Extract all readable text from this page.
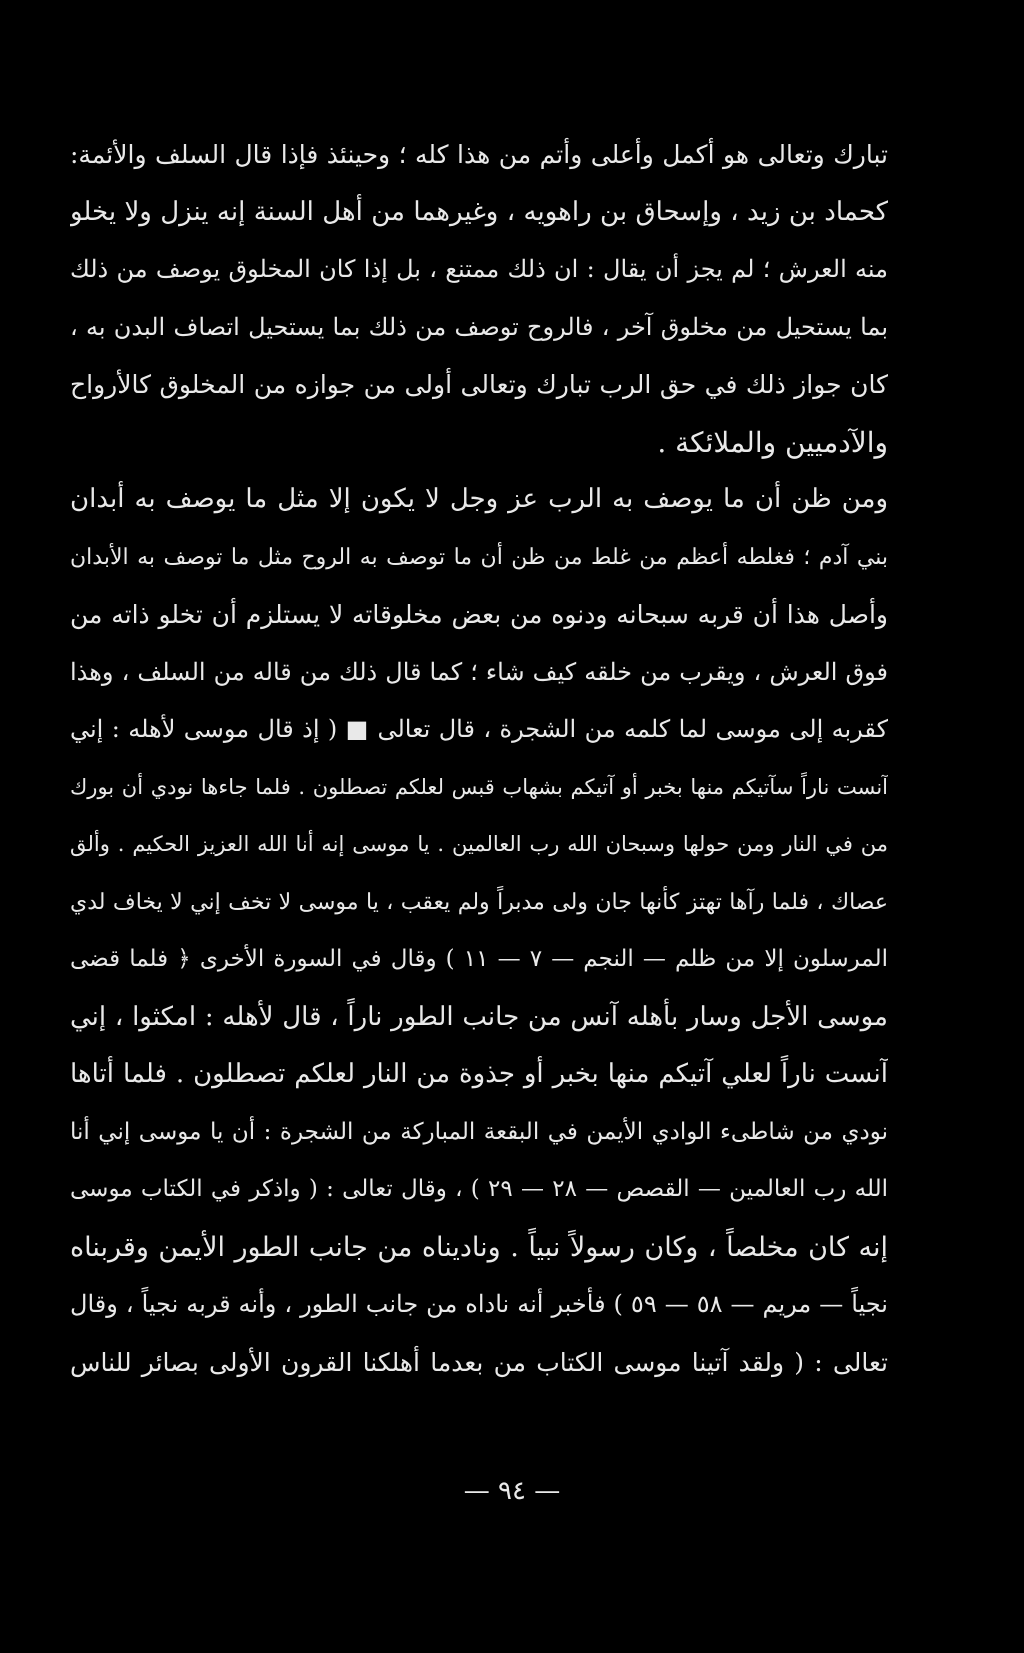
تبارك وتعالى هو أكمل وأعلى وأتم من هذا كله ؛ وحينئذ فإذا قال السلف والأئمة:
كحماد بن زيد ، وإسحاق بن راهويه ، وغيرهما من أهل السنة إنه ينزل ولا يخلو
منه العرش ؛ لم يجز أن يقال : ان ذلك ممتنع ، بل إذا كان المخلوق يوصف من ذلك
بما يستحيل من مخلوق آخر ، فالروح توصف من ذلك بما يستحيل اتصاف البدن به ،
كان جواز ذلك في حق الرب تبارك وتعالى أولى من جوازه من المخلوق كالأرواح
والآدميين والملائكة .
ومن ظن أن ما يوصف به الرب عز وجل لا يكون إلا مثل ما يوصف به أبدان
بني آدم ؛ فغلطه أعظم من غلط من ظن أن ما توصف به الروح مثل ما توصف به الأبدان
وأصل هذا أن قربه سبحانه ودنوه من بعض مخلوقاته لا يستلزم أن تخلو ذاته من
فوق العرش ، ويقرب من خلقه كيف شاء ؛ كما قال ذلك من قاله من السلف ، وهذا
كقربه إلى موسى لما كلمه من الشجرة ، قال تعالى ■ ( إذ قال موسى لأهله : إني
آنست ناراً سآتيكم منها بخبر أو آتيكم بشهاب قبس لعلكم تصطلون . فلما جاءها نودي أن بورك
من في النار ومن حولها وسبحان الله رب العالمين . يا موسى إنه أنا الله العزيز الحكيم . وألق
عصاك ، فلما رآها تهتز كأنها جان ولى مدبراً ولم يعقب ، يا موسى لا تخف إني لا يخاف لدي
المرسلون إلا من ظلم — النجم — ٧ — ١١ ) وقال في السورة الأخرى ﴿ فلما قضى
موسى الأجل وسار بأهله آنس من جانب الطور ناراً ، قال لأهله : امكثوا ، إني
آنست ناراً لعلي آتيكم منها بخبر أو جذوة من النار لعلكم تصطلون . فلما أتاها
نودي من شاطىء الوادي الأيمن في البقعة المباركة من الشجرة : أن يا موسى إني أنا
الله رب العالمين — القصص — ٢٨ — ٢٩ ) ، وقال تعالى : ( واذكر في الكتاب موسى
إنه كان مخلصاً ، وكان رسولاً نبياً . وناديناه من جانب الطور الأيمن وقربناه
نجياً — مريم — ٥٨ — ٥٩ ) فأخبر أنه ناداه من جانب الطور ، وأنه قربه نجياً ، وقال
تعالى : ( ولقد آتينا موسى الكتاب من بعدما أهلكنا القرون الأولى بصائر للناس
— ٩٤ —
